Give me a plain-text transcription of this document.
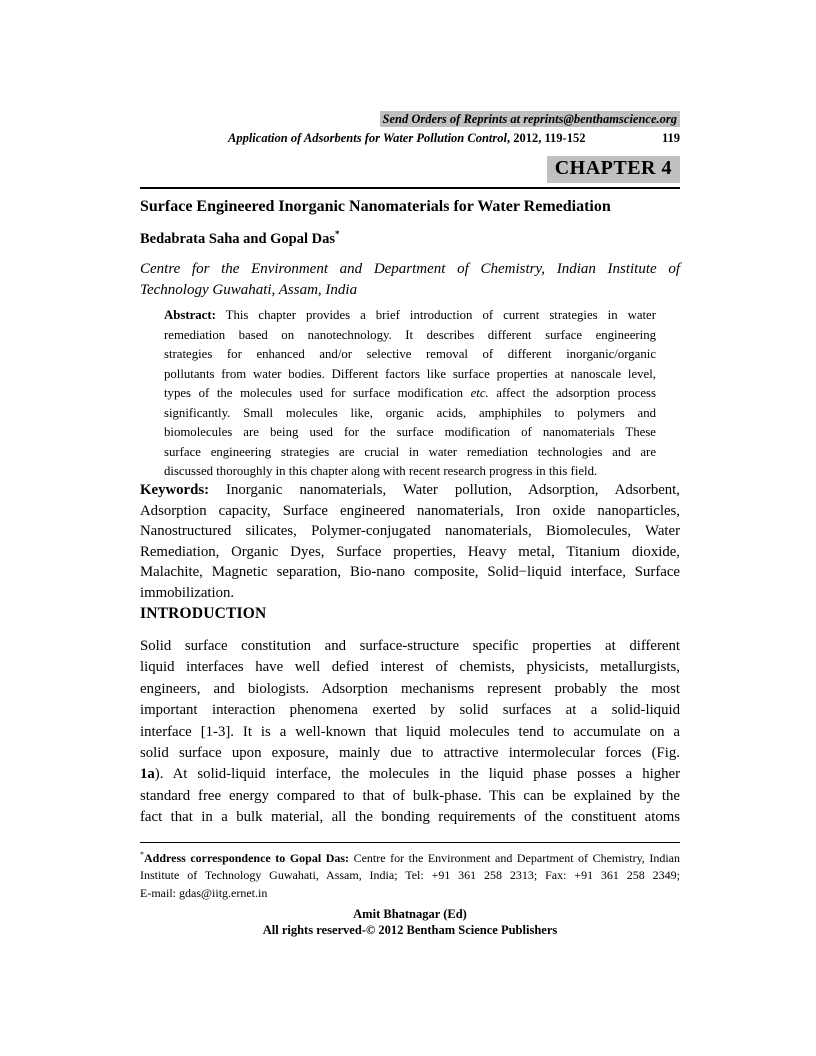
Send Orders of Reprints at reprints@benthamscience.org
Application of Adsorbents for Water Pollution Control, 2012, 119-152	119
CHAPTER 4
Surface Engineered Inorganic Nanomaterials for Water Remediation
Bedabrata Saha and Gopal Das*
Centre for the Environment and Department of Chemistry, Indian Institute of
Technology Guwahati, Assam, India
Abstract: This chapter provides a brief introduction of current strategies in water
remediation based on nanotechnology. It describes different surface engineering
strategies for enhanced and/or selective removal of different inorganic/organic
pollutants from water bodies. Different factors like surface properties at nanoscale level,
types of the molecules used for surface modification etc. affect the adsorption process
significantly. Small molecules like, organic acids, amphiphiles to polymers and
biomolecules are being used for the surface modification of nanomaterials These
surface engineering strategies are crucial in water remediation technologies and are
discussed thoroughly in this chapter along with recent research progress in this field.
Keywords: Inorganic nanomaterials, Water pollution, Adsorption, Adsorbent,
Adsorption capacity, Surface engineered nanomaterials, Iron oxide nanoparticles,
Nanostructured silicates, Polymer-conjugated nanomaterials, Biomolecules, Water
Remediation, Organic Dyes, Surface properties, Heavy metal, Titanium dioxide,
Malachite, Magnetic separation, Bio-nano composite, Solid−liquid interface, Surface
immobilization.
INTRODUCTION
Solid surface constitution and surface-structure specific properties at different
liquid interfaces have well defied interest of chemists, physicists, metallurgists,
engineers, and biologists. Adsorption mechanisms represent probably the most
important interaction phenomena exerted by solid surfaces at a solid-liquid
interface [1-3]. It is a well-known that liquid molecules tend to accumulate on a
solid surface upon exposure, mainly due to attractive intermolecular forces (Fig.
1a). At solid-liquid interface, the molecules in the liquid phase posses a higher
standard free energy compared to that of bulk-phase. This can be explained by the
fact that in a bulk material, all the bonding requirements of the constituent atoms
*Address correspondence to Gopal Das: Centre for the Environment and Department of Chemistry, Indian
Institute of Technology Guwahati, Assam, India; Tel: +91 361 258 2313; Fax: +91 361 258 2349;
E-mail: gdas@iitg.ernet.in
Amit Bhatnagar (Ed)
All rights reserved-© 2012 Bentham Science Publishers
